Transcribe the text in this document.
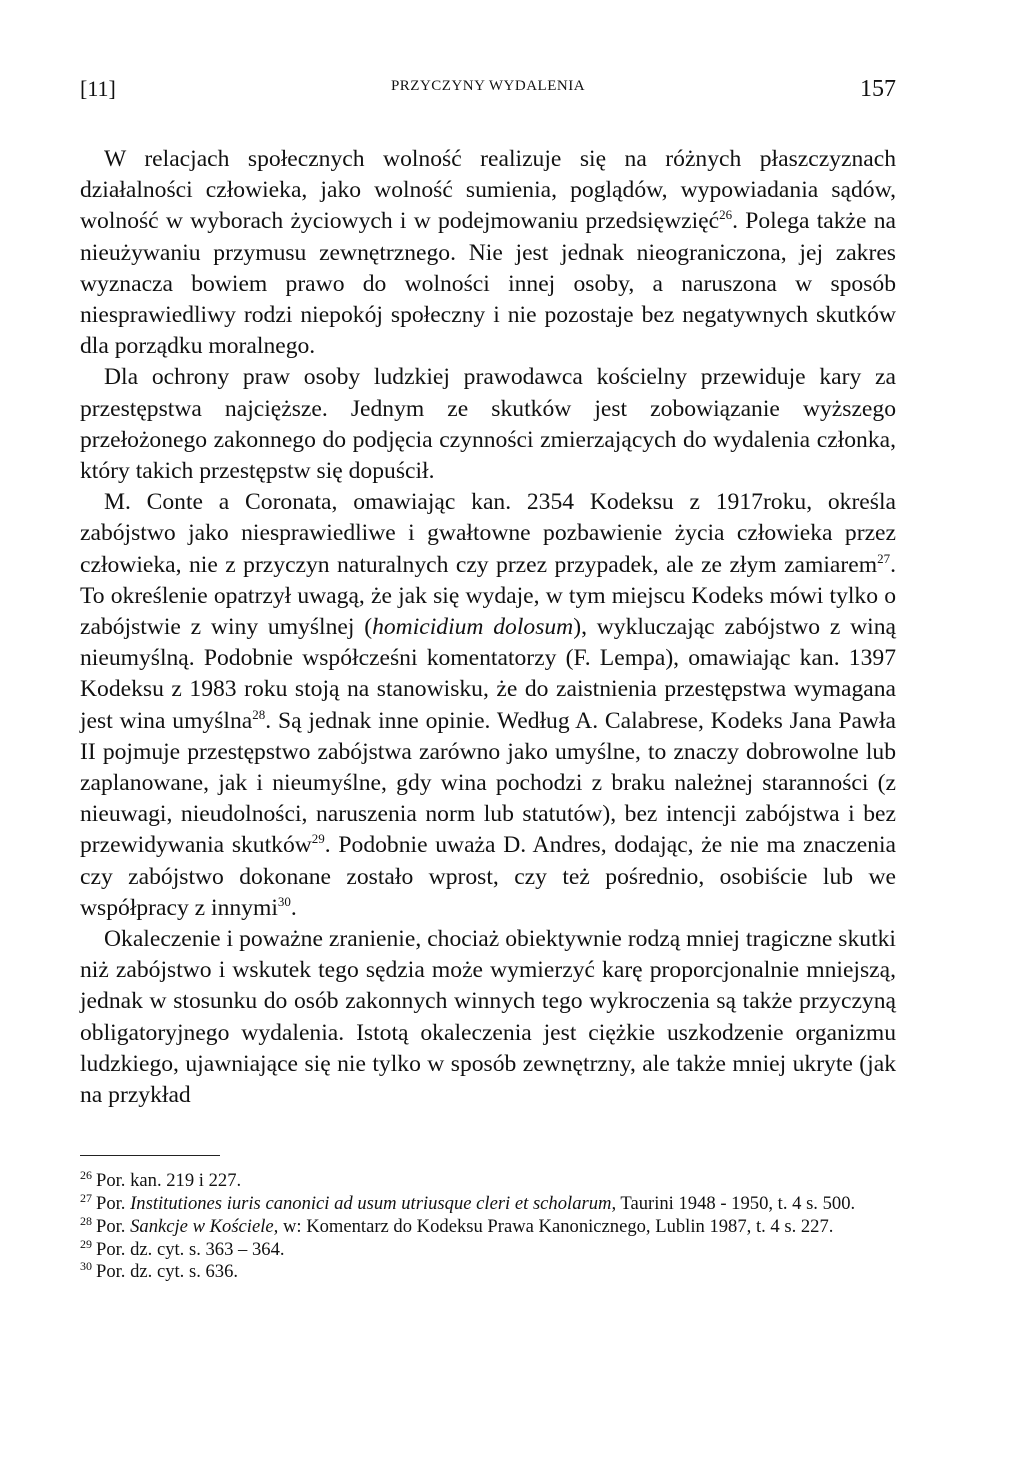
[11]	PRZYCZYNY WYDALENIA	157

W relacjach społecznych wolność realizuje się na różnych płaszczyznach działalności człowieka, jako wolność sumienia, poglądów, wypowiadania sądów, wolność w wyborach życiowych i w podejmowaniu przedsięwzięć$^{26}$. Polega także na nieużywaniu przymusu zewnętrznego. Nie jest jednak nieograniczona, jej zakres wyznacza bowiem prawo do wolności innej osoby, a naruszona w sposób niesprawiedliwy rodzi niepokój społeczny i nie pozostaje bez negatywnych skutków dla porządku moralnego.

Dla ochrony praw osoby ludzkiej prawodawca kościelny przewiduje kary za przestępstwa najcięższe. Jednym ze skutków jest zobowiązanie wyższego przełożonego zakonnego do podjęcia czynności zmierzających do wydalenia członka, który takich przestępstw się dopuścił.

M. Conte a Coronata, omawiając kan. 2354 Kodeksu z 1917roku, określa zabójstwo jako niesprawiedliwe i gwałtowne pozbawienie życia człowieka przez człowieka, nie z przyczyn naturalnych czy przez przypadek, ale ze złym zamiarem$^{27}$. To określenie opatrzył uwagą, że jak się wydaje, w tym miejscu Kodeks mówi tylko o zabójstwie z winy umyślnej (homicidium dolosum), wykluczając zabójstwo z winą nieumyślną. Podobnie współcześni komentatorzy (F. Lempa), omawiając kan. 1397 Kodeksu z 1983 roku stoją na stanowisku, że do zaistnienia przestępstwa wymagana jest wina umyślna$^{28}$. Są jednak inne opinie. Według A. Calabrese, Kodeks Jana Pawła II pojmuje przestępstwo zabójstwa zarówno jako umyślne, to znaczy dobrowolne lub zaplanowane, jak i nieumyślne, gdy wina pochodzi z braku należnej staranności (z nieuwagi, nieudolności, naruszenia norm lub statutów), bez intencji zabójstwa i bez przewidywania skutków$^{29}$. Podobnie uważa D. Andres, dodając, że nie ma znaczenia czy zabójstwo dokonane zostało wprost, czy też pośrednio, osobiście lub we współpracy z innymi$^{30}$.

Okaleczenie i poważne zranienie, chociaż obiektywnie rodzą mniej tragiczne skutki niż zabójstwo i wskutek tego sędzia może wymierzyć karę proporcjonalnie mniejszą, jednak w stosunku do osób zakonnych winnych tego wykroczenia są także przyczyną obligatoryjnego wydalenia. Istotą okaleczenia jest ciężkie uszkodzenie organizmu ludzkiego, ujawniające się nie tylko w sposób zewnętrzny, ale także mniej ukryte (jak na przykład

$^{26}$ Por. kan. 219 i 227.

$^{27}$ Por. Institutiones iuris canonici ad usum utriusque cleri et scholarum, Taurini 1948 - 1950, t. 4 s. 500.

$^{28}$ Por. Sankcje w Kościele, w: Komentarz do Kodeksu Prawa Kanonicznego, Lublin 1987, t. 4 s. 227.

$^{29}$ Por. dz. cyt. s. 363 – 364.

$^{30}$ Por. dz. cyt. s. 636.
